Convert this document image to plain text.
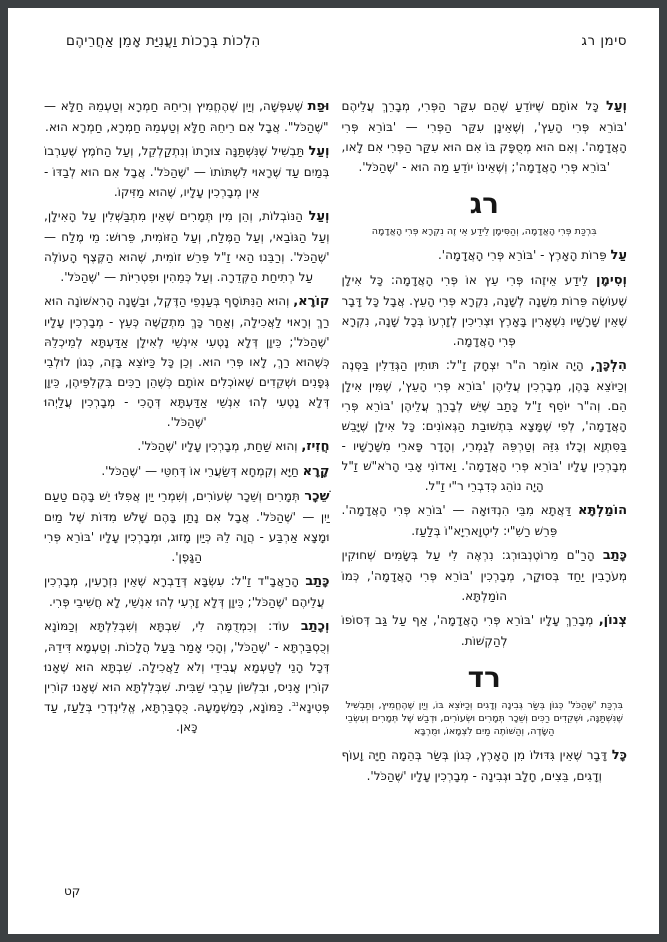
סימן רג
הִלְכוֹת בְּרָכוֹת וַעֲנִיַּת אָמֵן אַחֲרֵיהֶם

וְעַל כָּל אוֹתָם שֶׁיּוֹדֵעַ שֶׁהֵם עִקַּר הַפְּרִי, מְבָרֵךְ עֲלֵיהֶם 'בּוֹרֵא פְּרִי הָעֵץ', וְשֶׁאֵינָן עִקַּר הַפְּרִי — 'בּוֹרֵא פְּרִי הָאֲדָמָה'. וְאִם הוּא מְסֻפָּק בּוֹ אִם הוּא עִקַּר הַפְּרִי אִם לָאו, 'בּוֹרֵא פְּרִי הָאֲדָמָה'; וְשֶׁאֵינוֹ יוֹדֵעַ מַה הוּא - 'שֶׁהַכֹּל'.

רג

בִּרְכַּת פְּרִי הָאֲדָמָה, וְהַסִּימָן לֵידַע אֵי זֶה נִקְרָא פְּרִי הָאֲדָמָה

עַל פֵּרוֹת הָאָרֶץ - 'בּוֹרֵא פְּרִי הָאֲדָמָה'.

וְסִימָן לֵידַע אֵיזֶהוּ פְּרִי עֵץ אוֹ פְּרִי הָאֲדָמָה: כָּל אִילָן שֶׁעוֹשֶׂה פֵּרוֹת מִשָּׁנָה לְשָׁנָה, נִקְרָא פְּרִי הָעֵץ. אֲבָל כָּל דָּבָר שֶׁאֵין שָׁרָשָׁיו נִשְׁאָרִין בָּאָרֶץ וּצְרִיכִין לְזָרְעוֹ בְּכָל שָׁנָה, נִקְרָא פְּרִי הָאֲדָמָה.

הִלְכָּךְ, הָיָה אוֹמֵר ה"ר יִצְחָק זַ"ל: תּוּתִין הַגְּדֵלִין בַּסְּנֶה וְכַיּוֹצֵא בָּהֶן, מְבָרְכִין עֲלֵיהֶן 'בּוֹרֵא פְּרִי הָעֵץ', שֶׁמִּין אִילָן הֵם. וְה"ר יוֹסֵף זַ"ל כָּתַב שֶׁיֵּשׁ לְבָרֵךְ עֲלֵיהֶן 'בּוֹרֵא פְּרִי הָאֲדָמָה', לְפִי שֶׁמָּצָא בִּתְשׁוּבַת הַגְּאוֹנִים: כָּל אִילָן שֶׁיָּבֵשׁ בַּסִּתְוָא וְכָלוּ גִּזֵּהּ וְטַרְפֵּהּ לְגַמְרֵי, וְהָדָר פָּארֵי מִשָּׁרָשָׁיו - מְבָרְכִין עָלָיו 'בּוֹרֵא פְּרִי הָאֲדָמָה'. וַאדוֹנִי אָבִי הָרֹא"שׁ זַ"ל הָיָה נוֹהֵג כְּדִבְרֵי ר"י זַ"ל.

הוֹמַלְתָּא דַּאֲתָא מִבֵּי הִנְדּוּאָה — 'בּוֹרֵא פְּרִי הָאֲדָמָה'. פֵּרֵשׁ רַשִׁ"י: לִיטְוָארִיָא"וֹ בְּלַעַז.

כָּתַב הָרַ"ם מֵרוֹטֶנְבּוּרְג: נִרְאֶה לִי עַל בְּשָׂמִים שְׁחוּקִין מְעֹרָבִין יַחַד בְּסוּקָר, מְבָרְכִין 'בּוֹרֵא פְּרִי הָאֲדָמָה', כְּמוֹ הוֹמַלְתָּא.

צְנוֹן, מְבָרֵךְ עָלָיו 'בּוֹרֵא פְּרִי הָאֲדָמָה', אַף עַל גַּב דְּסוֹפוֹ לְהַקְשׁוֹת.

רד

בִּרְכַּת 'שֶׁהַכֹּל' כְּגוֹן בְּשַׂר גְּבִינָה וְדָגִים וְכַיּוֹצֵא בּוֹ, וְיַיִן שֶׁהֶחֱמִיץ, וְתַבְשִׁיל שֶׁנִּשְׁתַּנָּה, וּשְׁקֵדִים רַכִּים וְשֵׁכָר תְּמָרִים וּשְׂעוֹרִים, וּדְבַשׁ שֶׁל תְּמָרִים וְעִשְׂבֵי הַשָּׂדֶה, וְהַשּׁוֹתֶה מַיִם לִצְמָאוֹ, וּמֻרְבָּא

כָּל דָּבָר שֶׁאֵין גִּדּוּלוֹ מִן הָאָרֶץ, כְּגוֹן בְּשַׂר בְּהֵמָה חַיָּה וָעוֹף וְדָגִים, בֵּצִים, חָלָב וּגְבִינָה - מְבָרְכִין עָלָיו 'שֶׁהַכֹּל'.

וּפַת שֶׁעִפְּשָׁה, וְיַיִן שֶׁהֶחֱמִיץ וְרֵיחֵהּ חַמְרָא וְטַעְמֵהּ חַלָּא — "שֶׁהַכֹּל". אֲבָל אִם רֵיחֵהּ חַלָּא וְטַעְמֵהּ חַמְרָא, חַמְרָא הוּא.

וְעַל תַּבְשִׁיל שֶׁנִּשְׁתַּנָּה צוּרָתוֹ וְנִתְקַלְקֵל, וְעַל הַחֹמֶץ שֶׁעֵרְבוֹ בְּמַיִם עַד שֶׁרָאוּי לִשְׁתּוֹתוֹ — 'שֶׁהַכֹּל'. אֲבָל אִם הוּא לְבַדּוֹ - אֵין מְבָרְכִין עָלָיו, שֶׁהוּא מַזִּיקוֹ.

וְעַל הַנּוֹבְלוֹת, וְהֵן מִין תְּמָרִים שֶׁאֵין מִתְבַּשְּׁלִין עַל הָאִילָן, וְעַל הַגּוֹבַאי, וְעַל הַמֶּלַח, וְעַל הַזּוֹמִית, פֵּרוּשׁ: מֵי מֶלַח — 'שֶׁהַכֹּל'. וְרַבֵּנוּ הַאי זַ"ל פֵּרֵשׁ זוֹמִית, שֶׁהוּא הַקֶּצֶף הָעוֹלֶה עַל רְתִיחַת הַקְּדֵרָה. וְעַל כְּמֵהִין וּפִטְרִיּוֹת — 'שֶׁהַכֹּל'.

קוֹרָא, וְהוּא הַנִּתּוֹסָף בְּעַנְפֵי הַדֶּקֶל, וּבַשָּׁנָה הָרִאשׁוֹנָה הוּא רַךְ וְרָאוּי לַאֲכִילָה, וְאַחַר כָּךְ מִתְקַשֶּׁה כְּעֵץ - מְבָרְכִין עָלָיו 'שֶׁהַכֹּל'; כֵּיוָן דְּלָא נָטְעִי אִינְשֵׁי לְאִילָן אַדַּעְתָּא לְמֵיכְלֵהּ כְּשֶׁהוּא רַךְ, לָאו פְּרִי הוּא. וְכֵן כָּל כַּיּוֹצֵא בָּזֶה, כְּגוֹן לוּלְבֵי גְּפָנִים וּשְׁקֵדִים שֶׁאוֹכְלִים אוֹתָם כְּשֶׁהֵן רַכִּים בִּקְלִפֵּיהֶן, כֵּיוָן דְּלָא נָטְעִי לְהוּ אִנְשֵׁי אַדַּעְתָּא דְּהָכִי - מְבָרְכִין עֲלַיְהוּ 'שֶׁהַכֹּל'.

חֲזִיז, וְהוּא שַׁחַת, מְבָרְכִין עָלָיו 'שֶׁהַכֹּל'.

קָרָא חַיָּא וְקִמְחָא דְּשַׂעֲרֵי אוֹ דְּחִטֵּי — 'שֶׁהַכֹּל'.

שֵׁכָר תְּמָרִים וְשֵׁכָר שְׂעוֹרִים, וְשִׁמְרֵי יַיִן אֲפִלּוּ יֵשׁ בָּהֶם טַעַם יַיִן — 'שֶׁהַכֹּל'. אֲבָל אִם נָתַן בָּהֶם שָׁלֹשׁ מִדּוֹת שֶׁל מַיִם וּמָצָא אַרְבַּע - הֲוָה לֵהּ כְּיַיִן מָזוּג, וּמְבָרְכִין עָלָיו 'בּוֹרֵא פְּרִי הַגָּפֶן'.

כָּתַב הָרַאֲבָ"ד זַ"ל: עִשְׂבָּא דְּדַבְרָא שֶׁאֵין נִזְרָעִין, מְבָרְכִין עֲלֵיהֶם 'שֶׁהַכֹּל'; כֵּיוָן דְּלָא זָרְעִי לְהוּ אִנְשֵׁי, לָא חֲשִׁיבֵי פְּרִי.

וְכָתַב עוֹד: וְכִמְדֻמֶּה לִי, שִׁבְתָּא וְשִׁבְּלִלְתָּא וְכַמּוֹנָא וְכֻסְבַּרְתָּא - 'שֶׁהַכֹּל', וְהָכִי אָמַר בַּעַל הֲלָכוֹת. וְטַעְמָא דִּידֵהּ, דְּכָל הָנֵי לְטַעְמָא עֲבִידֵי וְלֹא לַאֲכִילָה. שִׁבְתָּא הוּא שֶׁאָנוּ קוֹרִין אָנִיס, וּבִלְשׁוֹן עַרְבִי שַׁבִּית. שִׁבְּלִלְתָּא הוּא שֶׁאָנוּ קוֹרִין פְּטִינָא$^{נב}$. כַּמּוֹנָא, כְּמַשְׁמָעָהּ. כֻּסְבַּרְתָּא, אֱלִינְדְרֵי בְּלַעַז, עַד כָּאן.

קט
